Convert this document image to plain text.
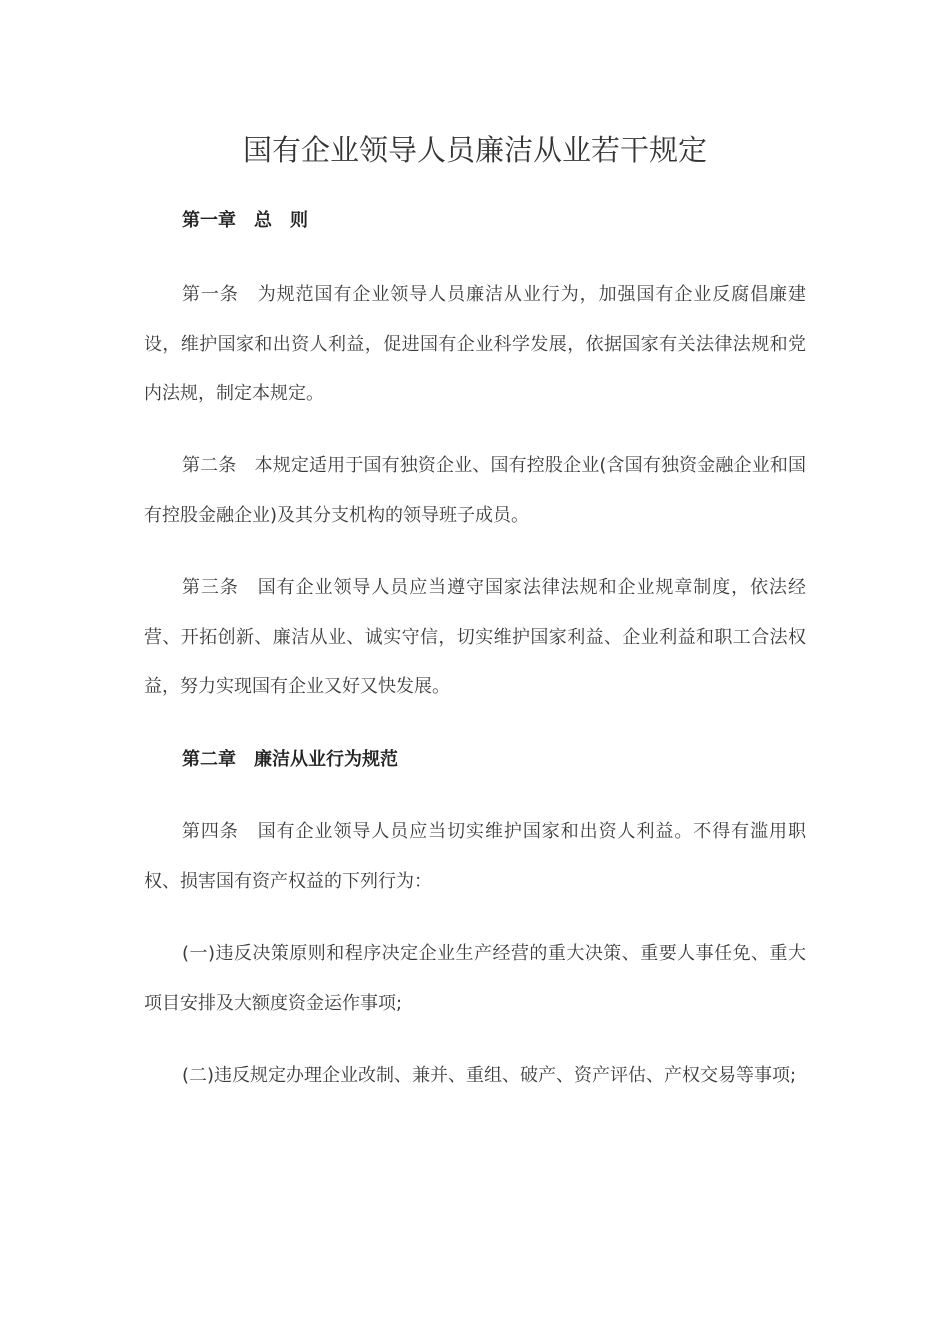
国有企业领导人员廉洁从业若干规定
第一章　总　则

第一条　为规范国有企业领导人员廉洁从业行为，加强国有企业反腐倡廉建设，维护国家和出资人利益，促进国有企业科学发展，依据国家有关法律法规和党内法规，制定本规定。

第二条　本规定适用于国有独资企业、国有控股企业(含国有独资金融企业和国有控股金融企业)及其分支机构的领导班子成员。

第三条　国有企业领导人员应当遵守国家法律法规和企业规章制度，依法经营、开拓创新、廉洁从业、诚实守信，切实维护国家利益、企业利益和职工合法权益，努力实现国有企业又好又快发展。

第二章　廉洁从业行为规范

第四条　国有企业领导人员应当切实维护国家和出资人利益。不得有滥用职权、损害国有资产权益的下列行为：

(一)违反决策原则和程序决定企业生产经营的重大决策、重要人事任免、重大项目安排及大额度资金运作事项;

(二)违反规定办理企业改制、兼并、重组、破产、资产评估、产权交易等事项;
